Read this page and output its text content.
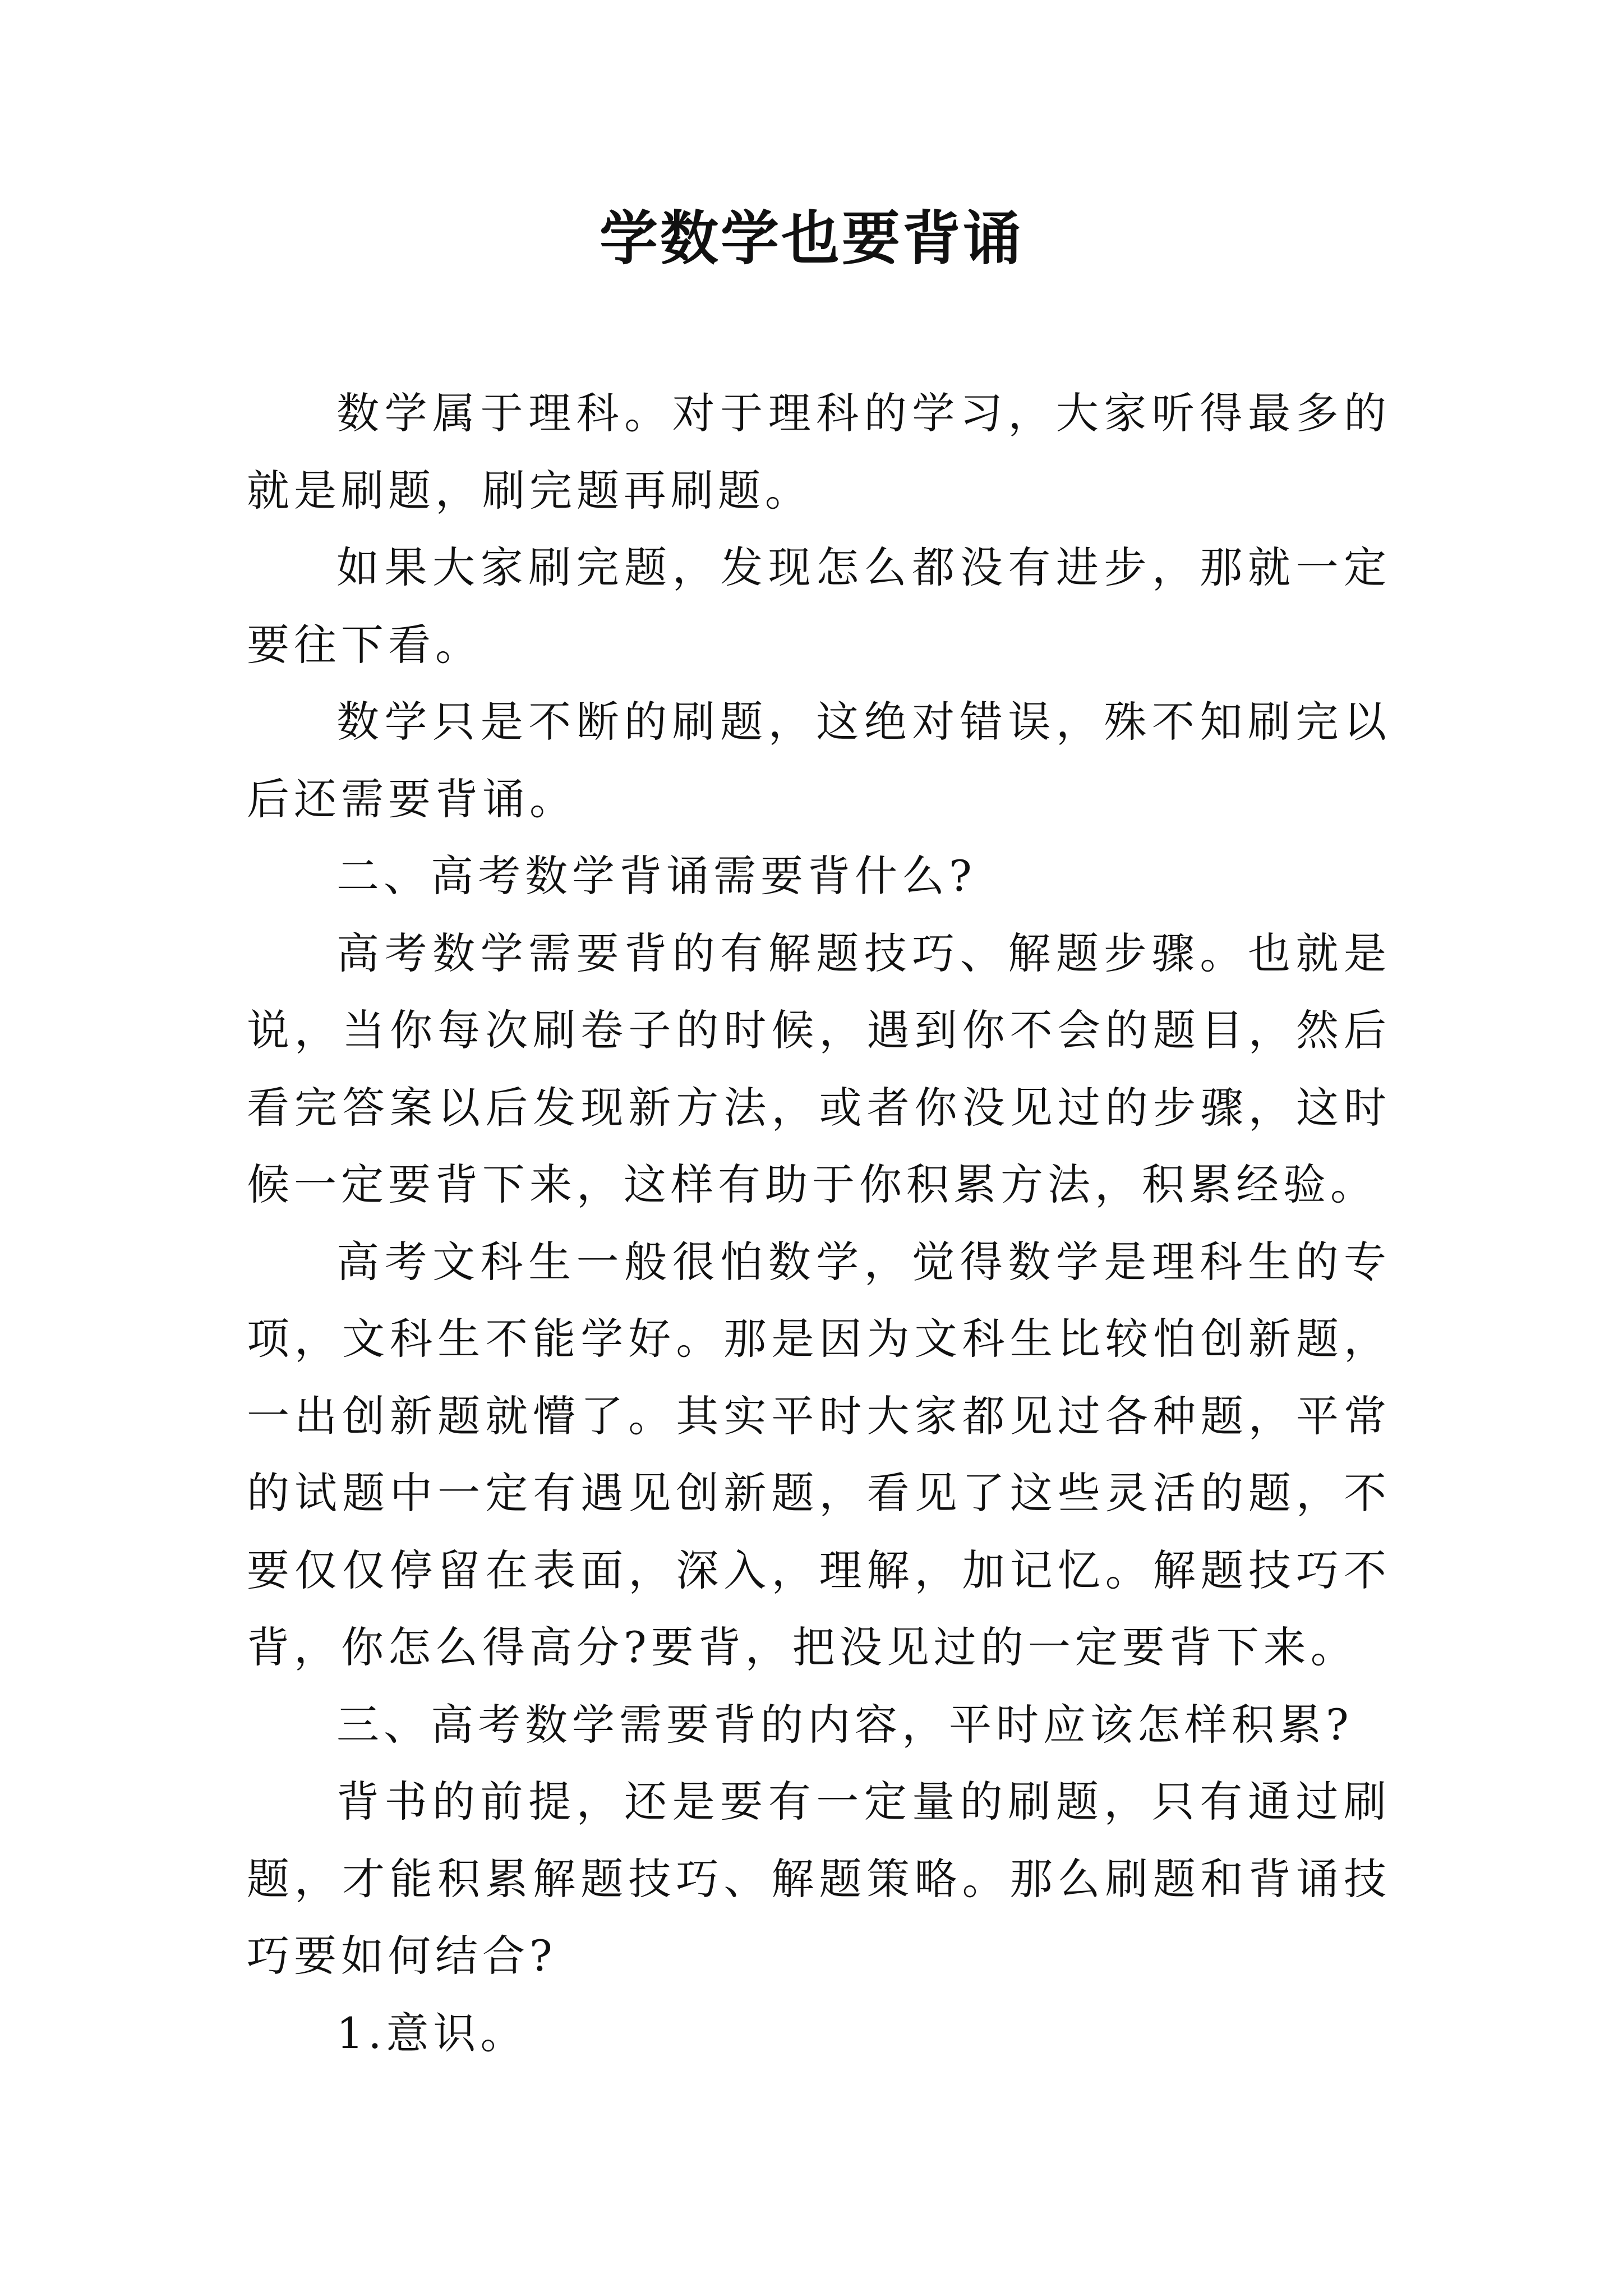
学数学也要背诵

数学属于理科。对于理科的学习，大家听得最多的就是刷题，刷完题再刷题。

如果大家刷完题，发现怎么都没有进步，那就一定要往下看。

数学只是不断的刷题，这绝对错误，殊不知刷完以后还需要背诵。

二、高考数学背诵需要背什么?

高考数学需要背的有解题技巧、解题步骤。也就是说，当你每次刷卷子的时候，遇到你不会的题目，然后看完答案以后发现新方法，或者你没见过的步骤，这时候一定要背下来，这样有助于你积累方法，积累经验。

高考文科生一般很怕数学，觉得数学是理科生的专项，文科生不能学好。那是因为文科生比较怕创新题，一出创新题就懵了。其实平时大家都见过各种题，平常的试题中一定有遇见创新题，看见了这些灵活的题，不要仅仅停留在表面，深入，理解，加记忆。解题技巧不背，你怎么得高分?要背，把没见过的一定要背下来。

三、高考数学需要背的内容，平时应该怎样积累?

背书的前提，还是要有一定量的刷题，只有通过刷题，才能积累解题技巧、解题策略。那么刷题和背诵技巧要如何结合?

1.意识。
